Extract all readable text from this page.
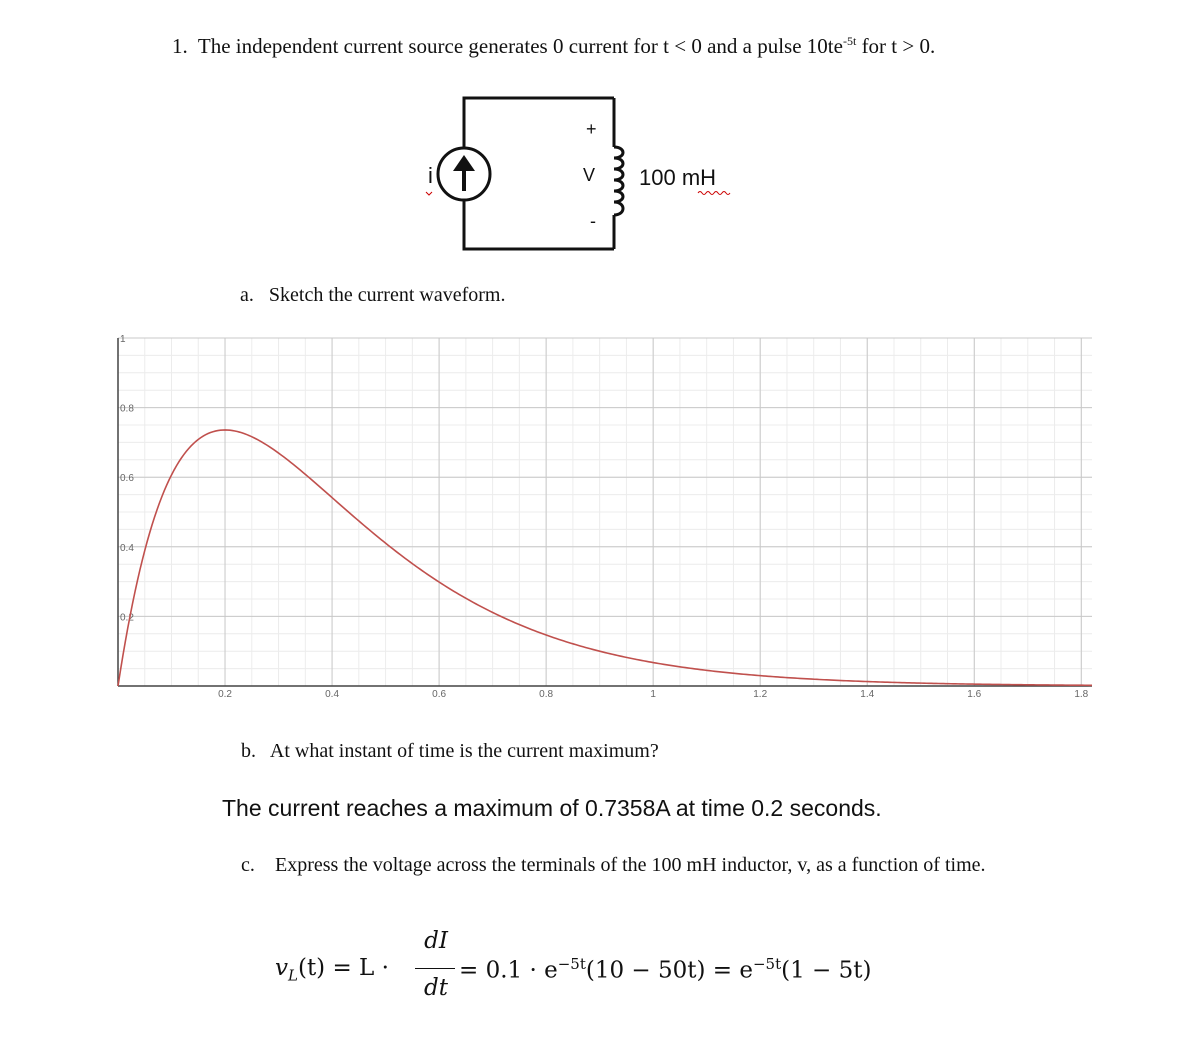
1. The independent current source generates 0 current for t < 0 and a pulse $10te^{-5t}$ for t > 0.
i
+
V
-
100 mH
a. Sketch the current waveform.
0.2	0.4	0.6	0.8	1	1.2	1.4	1.6	1.8
0.2
0.4
0.6
0.8
1
b. At what instant of time is the current maximum?
The current reaches a maximum of 0.7358A at time 0.2 seconds.
c. Express the voltage across the terminals of the 100 mH inductor, v, as a function of time.
$v_L(t) = L$ ·
dI
dt
= $0.1 \cdot e^{-5t}(10 - 50t) = e^{-5t}(1 - 5t)$
